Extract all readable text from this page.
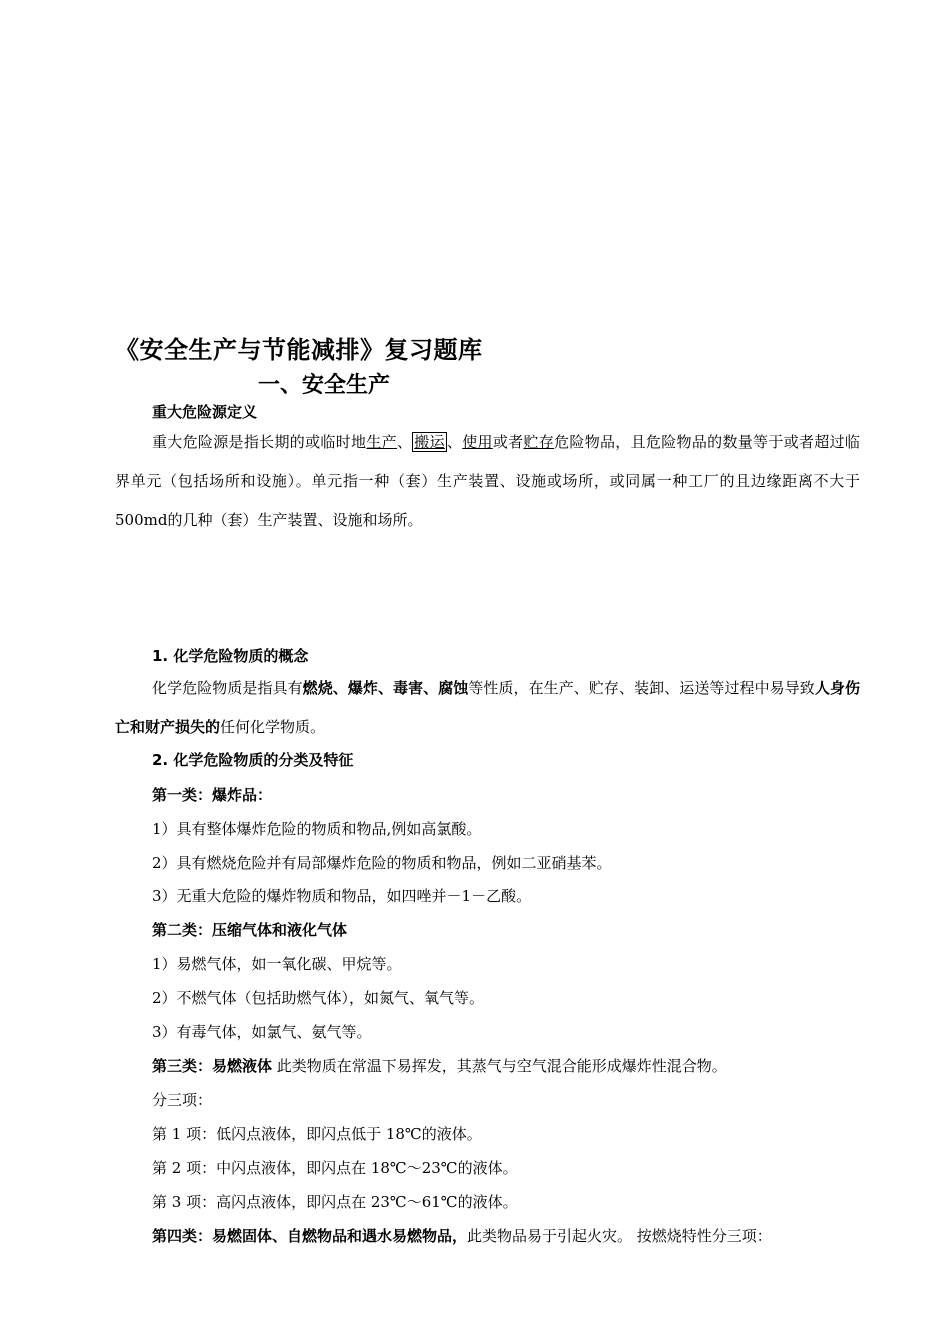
《安全生产与节能减排》复习题库
一、安全生产
重大危险源定义
重大危险源是指长期的或临时地生产、 搬运 、使用或者贮存危险物品，且危险物品的数量等于或者超过临界单元（包括场所和设施）。单元指一种（套）生产装置、设施或场所，或同属一种工厂的且边缘距离不大于500md的几种（套）生产装置、设施和场所。
1. 化学危险物质的概念
化学危险物质是指具有燃烧、爆炸、毒害、腐蚀等性质，在生产、贮存、装卸、运送等过程中易导致人身伤亡和财产损失的任何化学物质。
2. 化学危险物质的分类及特征
第一类：爆炸品：
1）具有整体爆炸危险的物质和物品,例如高氯酸。
2）具有燃烧危险并有局部爆炸危险的物质和物品，例如二亚硝基苯。
3）无重大危险的爆炸物质和物品，如四唑并－1－乙酸。
第二类：压缩气体和液化气体
1）易燃气体，如一氧化碳、甲烷等。
2）不燃气体（包括助燃气体），如氮气、氧气等。
3）有毒气体，如氯气、氨气等。
第三类：易燃液体 此类物质在常温下易挥发，其蒸气与空气混合能形成爆炸性混合物。
分三项：
第 1 项：低闪点液体，即闪点低于 18℃的液体。
第 2 项：中闪点液体，即闪点在 18℃～23℃的液体。
第 3 项：高闪点液体，即闪点在 23℃～61℃的液体。
第四类：易燃固体、自燃物品和遇水易燃物品，此类物品易于引起火灾。 按燃烧特性分三项：
